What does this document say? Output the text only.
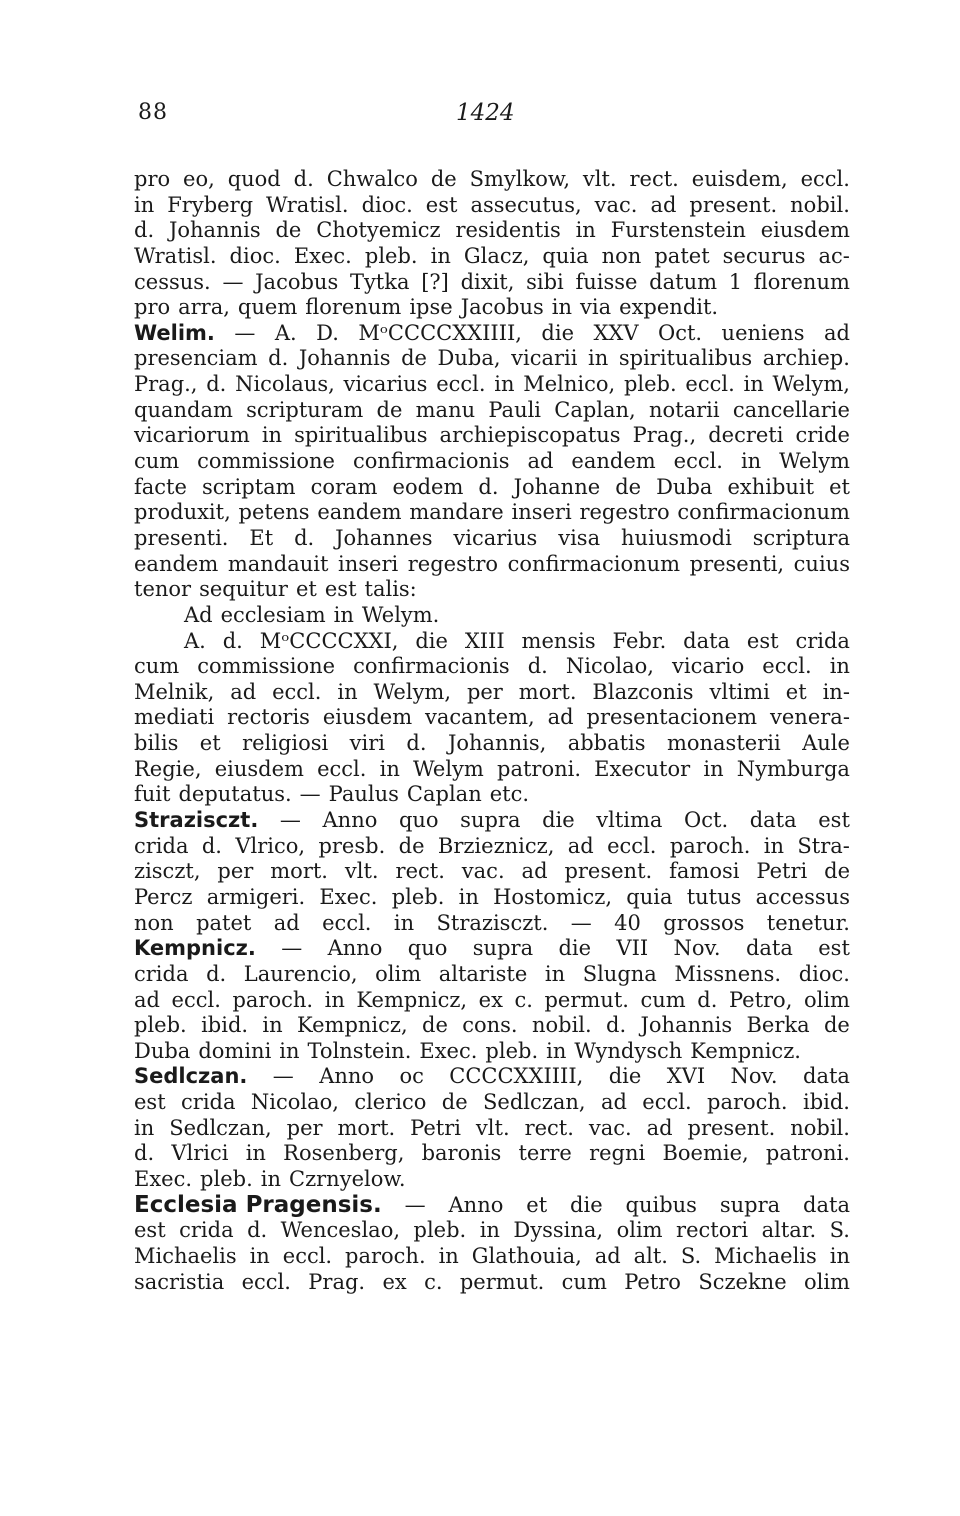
88	1424
pro eo, quod d. Chwalco de Smylkow, vlt. rect. euisdem, eccl.
in Fryberg Wratisl. dioc. est assecutus, vac. ad present. nobil.
d. Johannis de Chotyemicz residentis in Furstenstein eiusdem
Wratisl. dioc. Exec. pleb. in Glacz, quia non patet securus ac-
cessus. — Jacobus Tytka [?] dixit, sibi fuisse datum 1 florenum
pro arra, quem florenum ipse Jacobus in via expendit.
Welim. — A. D. MᵒCCCCXXIIII, die XXV Oct. ueniens ad
presenciam d. Johannis de Duba, vicarii in spiritualibus archiep.
Prag., d. Nicolaus, vicarius eccl. in Melnico, pleb. eccl. in Welym,
quandam scripturam de manu Pauli Caplan, notarii cancellarie
vicariorum in spiritualibus archiepiscopatus Prag., decreti cride
cum commissione confirmacionis ad eandem eccl. in Welym
facte scriptam coram eodem d. Johanne de Duba exhibuit et
produxit, petens eandem mandare inseri regestro confirmacionum
presenti. Et d. Johannes vicarius visa huiusmodi scriptura
eandem mandauit inseri regestro confirmacionum presenti, cuius
tenor sequitur et est talis:
Ad ecclesiam in Welym.
A. d. MᵒCCCCXXI, die XIII mensis Febr. data est crida
cum commissione confirmacionis d. Nicolao, vicario eccl. in
Melnik, ad eccl. in Welym, per mort. Blazconis vltimi et in-
mediati rectoris eiusdem vacantem, ad presentacionem venera-
bilis et religiosi viri d. Johannis, abbatis monasterii Aule
Regie, eiusdem eccl. in Welym patroni. Executor in Nymburga
fuit deputatus. — Paulus Caplan etc.
Strazisczt. — Anno quo supra die vltima Oct. data est
crida d. Vlrico, presb. de Brzieznicz, ad eccl. paroch. in Stra-
zisczt, per mort. vlt. rect. vac. ad present. famosi Petri de
Percz armigeri. Exec. pleb. in Hostomicz, quia tutus accessus
non patet ad eccl. in Strazisczt. — 40 grossos tenetur.
Kempnicz. — Anno quo supra die VII Nov. data est
crida d. Laurencio, olim altariste in Slugna Missnens. dioc.
ad eccl. paroch. in Kempnicz, ex c. permut. cum d. Petro, olim
pleb. ibid. in Kempnicz, de cons. nobil. d. Johannis Berka de
Duba domini in Tolnstein. Exec. pleb. in Wyndysch Kempnicz.
Sedlczan. — Anno oc CCCCXXIIII, die XVI Nov. data
est crida Nicolao, clerico de Sedlczan, ad eccl. paroch. ibid.
in Sedlczan, per mort. Petri vlt. rect. vac. ad present. nobil.
d. Vlrici in Rosenberg, baronis terre regni Boemie, patroni.
Exec. pleb. in Czrnyelow.
Ecclesia Pragensis. — Anno et die quibus supra data
est crida d. Wenceslao, pleb. in Dyssina, olim rectori altar. S.
Michaelis in eccl. paroch. in Glathouia, ad alt. S. Michaelis in
sacristia eccl. Prag. ex c. permut. cum Petro Sczekne olim
